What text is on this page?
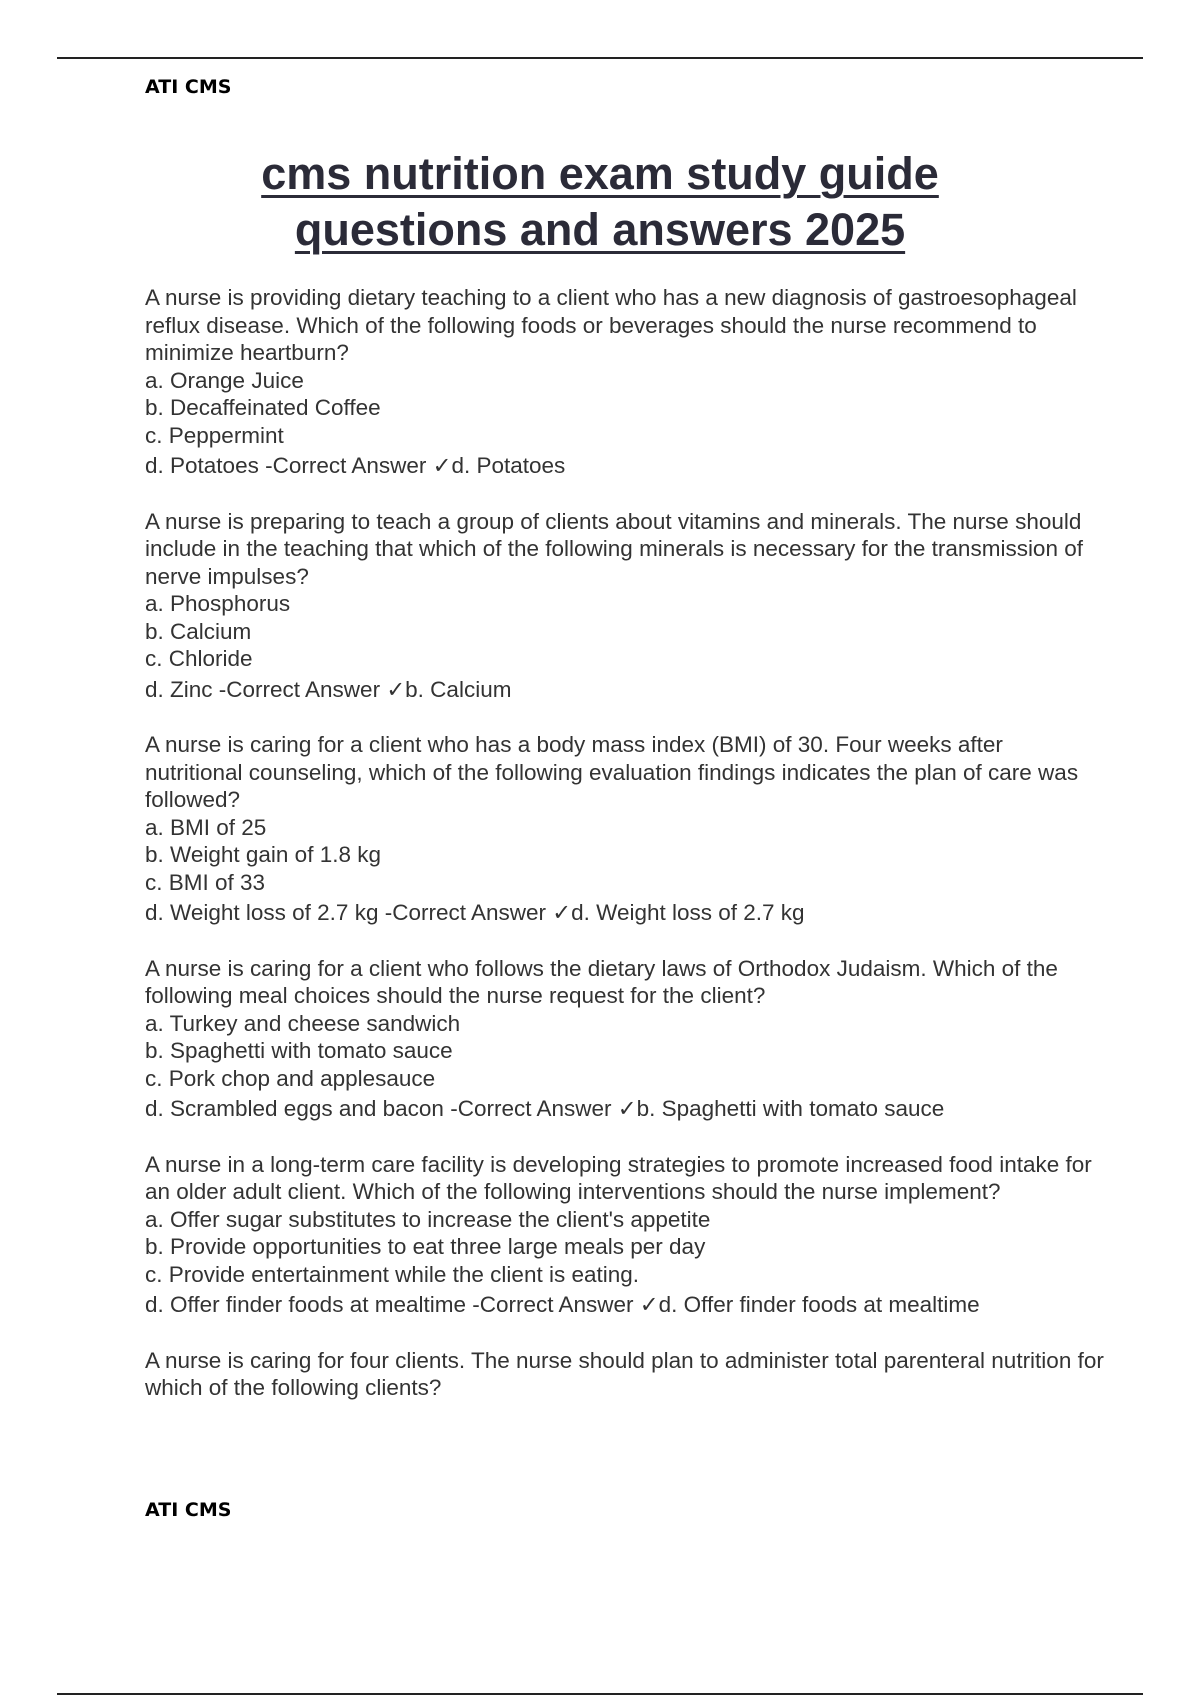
ATI CMS
cms nutrition exam study guide
questions and answers 2025
A nurse is providing dietary teaching to a client who has a new diagnosis of gastroesophageal reflux disease. Which of the following foods or beverages should the nurse recommend to minimize heartburn?
a. Orange Juice
b. Decaffeinated Coffee
c. Peppermint
d. Potatoes -Correct Answer ✓d. Potatoes
A nurse is preparing to teach a group of clients about vitamins and minerals. The nurse should include in the teaching that which of the following minerals is necessary for the transmission of nerve impulses?
a. Phosphorus
b. Calcium
c. Chloride
d. Zinc -Correct Answer ✓b. Calcium
A nurse is caring for a client who has a body mass index (BMI) of 30. Four weeks after nutritional counseling, which of the following evaluation findings indicates the plan of care was followed?
a. BMI of 25
b. Weight gain of 1.8 kg
c. BMI of 33
d. Weight loss of 2.7 kg -Correct Answer ✓d. Weight loss of 2.7 kg
A nurse is caring for a client who follows the dietary laws of Orthodox Judaism. Which of the following meal choices should the nurse request for the client?
a. Turkey and cheese sandwich
b. Spaghetti with tomato sauce
c. Pork chop and applesauce
d. Scrambled eggs and bacon -Correct Answer ✓b. Spaghetti with tomato sauce
A nurse in a long-term care facility is developing strategies to promote increased food intake for an older adult client. Which of the following interventions should the nurse implement?
a. Offer sugar substitutes to increase the client's appetite
b. Provide opportunities to eat three large meals per day
c. Provide entertainment while the client is eating.
d. Offer finder foods at mealtime -Correct Answer ✓d. Offer finder foods at mealtime
A nurse is caring for four clients. The nurse should plan to administer total parenteral nutrition for which of the following clients?
ATI CMS
